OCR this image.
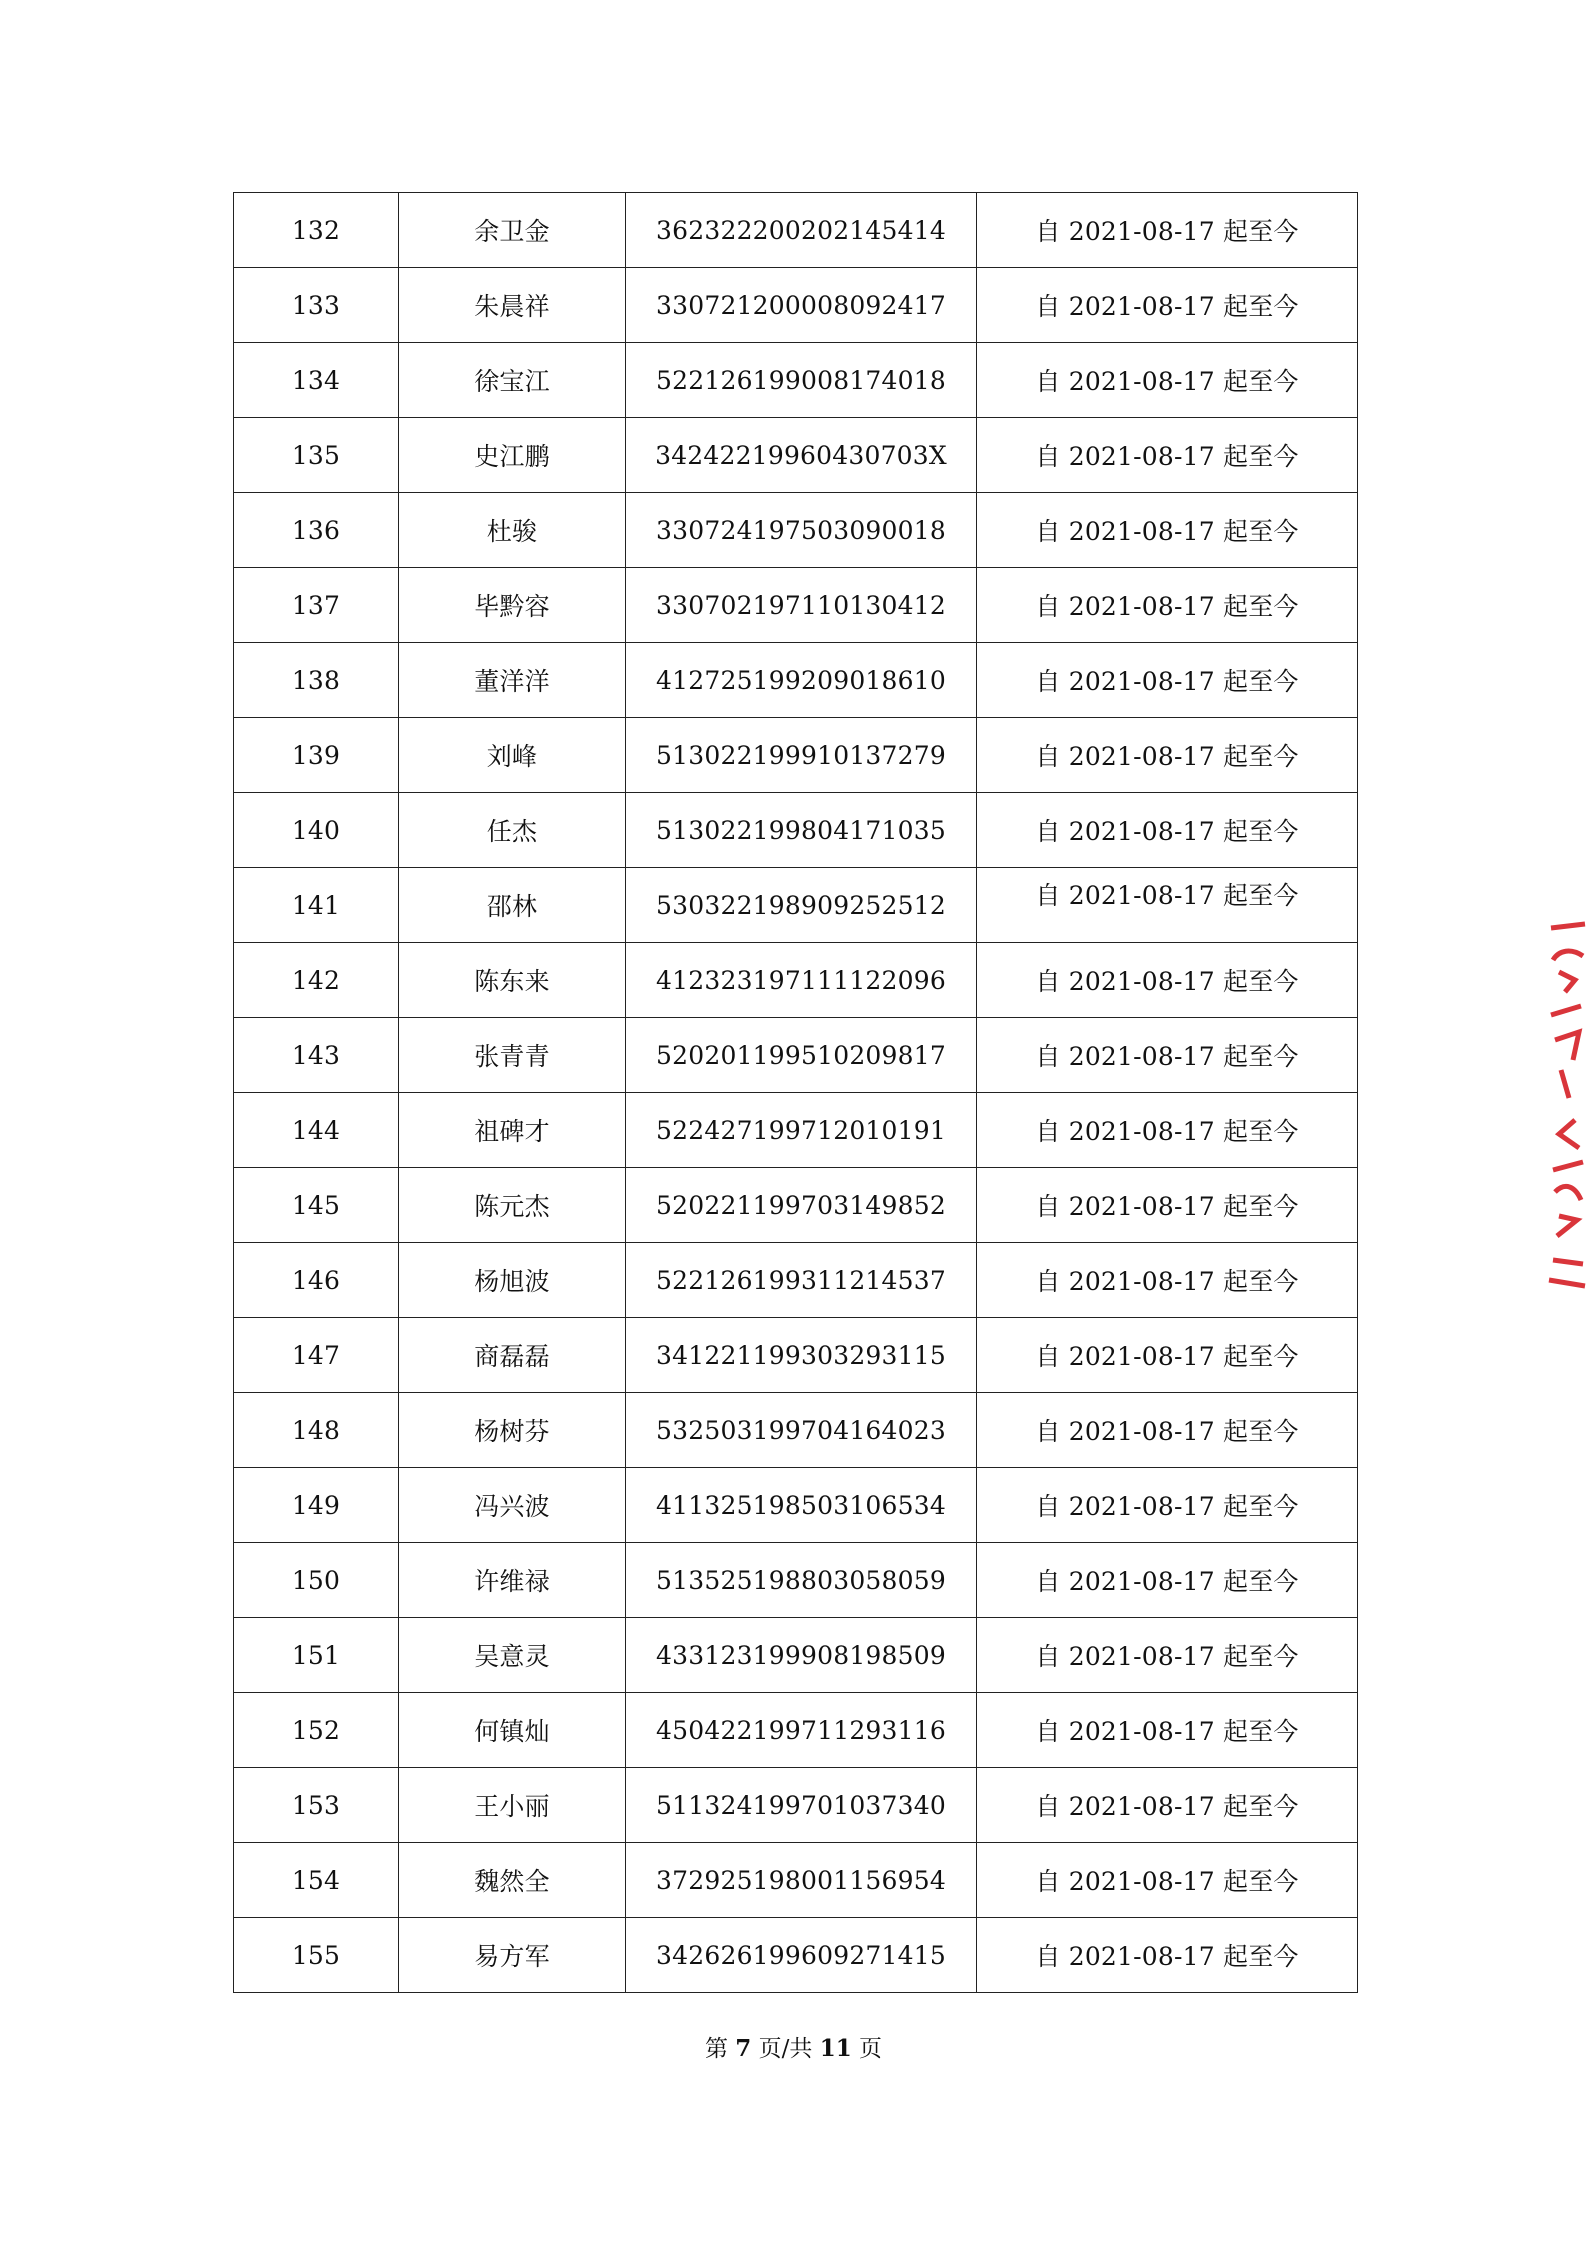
132	余卫金	362322200202145414	自 2021-08-17 起至今
133	朱晨祥	330721200008092417	自 2021-08-17 起至今
134	徐宝江	522126199008174018	自 2021-08-17 起至今
135	史江鹏	34242219960430703X	自 2021-08-17 起至今
136	杜骏	330724197503090018	自 2021-08-17 起至今
137	毕黔容	330702197110130412	自 2021-08-17 起至今
138	董洋洋	412725199209018610	自 2021-08-17 起至今
139	刘峰	513022199910137279	自 2021-08-17 起至今
140	任杰	513022199804171035	自 2021-08-17 起至今
141	邵林	530322198909252512	自 2021-08-17 起至今
142	陈东来	412323197111122096	自 2021-08-17 起至今
143	张青青	520201199510209817	自 2021-08-17 起至今
144	祖碑才	522427199712010191	自 2021-08-17 起至今
145	陈元杰	520221199703149852	自 2021-08-17 起至今
146	杨旭波	522126199311214537	自 2021-08-17 起至今
147	商磊磊	341221199303293115	自 2021-08-17 起至今
148	杨树芬	532503199704164023	自 2021-08-17 起至今
149	冯兴波	411325198503106534	自 2021-08-17 起至今
150	许维禄	513525198803058059	自 2021-08-17 起至今
151	吴意灵	433123199908198509	自 2021-08-17 起至今
152	何镇灿	450422199711293116	自 2021-08-17 起至今
153	王小丽	511324199701037340	自 2021-08-17 起至今
154	魏然全	372925198001156954	自 2021-08-17 起至今
155	易方军	342626199609271415	自 2021-08-17 起至今
第 7 页/共 11 页
